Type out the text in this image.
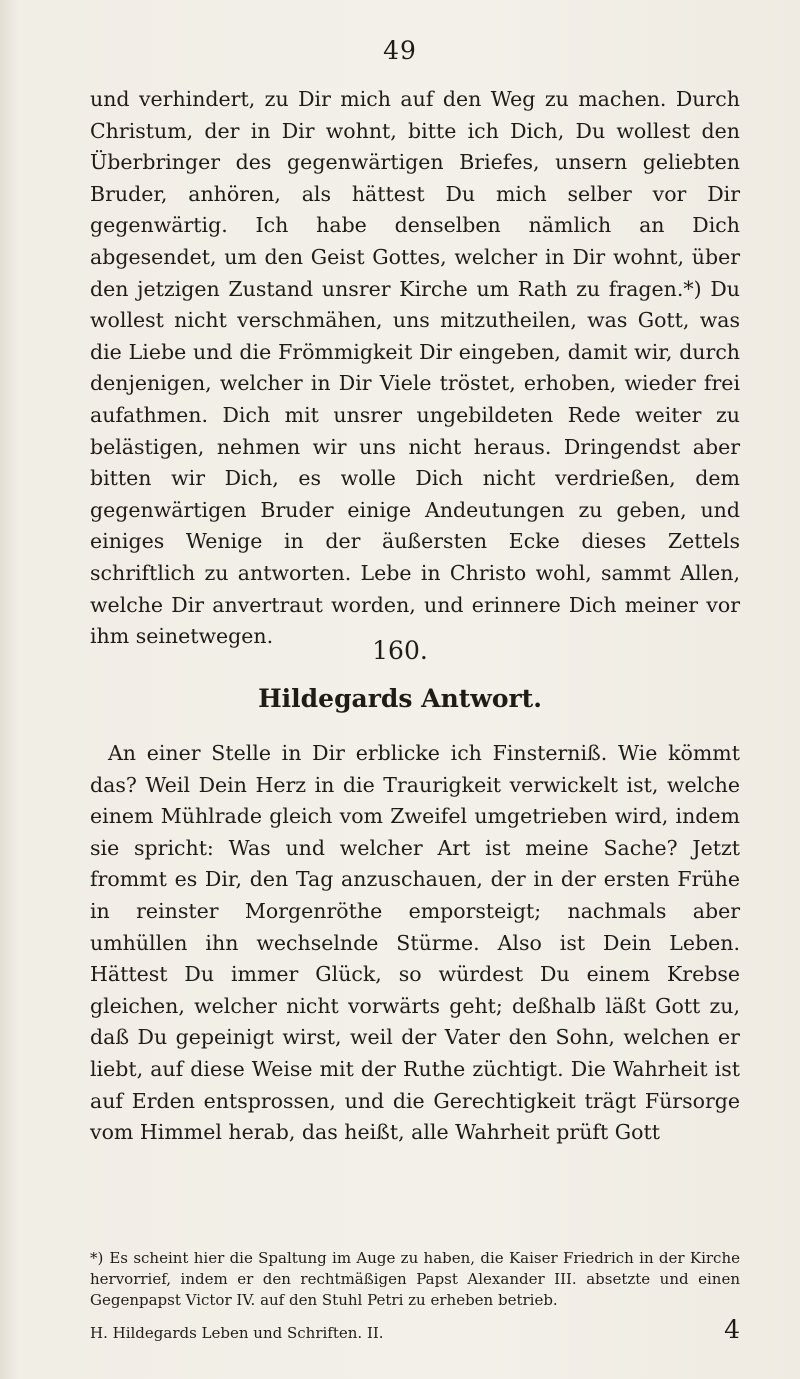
49

und verhindert, zu Dir mich auf den Weg zu machen. Durch Christum, der in Dir wohnt, bitte ich Dich, Du wollest den Überbringer des gegenwärtigen Briefes, unsern geliebten Bruder, anhören, als hättest Du mich selber vor Dir gegenwärtig. Ich habe denselben nämlich an Dich abgesendet, um den Geist Gottes, welcher in Dir wohnt, über den jetzigen Zustand unsrer Kirche um Rath zu fragen.*) Du wollest nicht verschmähen, uns mitzutheilen, was Gott, was die Liebe und die Frömmigkeit Dir eingeben, damit wir, durch denjenigen, welcher in Dir Viele tröstet, erhoben, wieder frei aufathmen. Dich mit unsrer ungebildeten Rede weiter zu belästigen, nehmen wir uns nicht heraus. Dringendst aber bitten wir Dich, es wolle Dich nicht verdrießen, dem gegenwärtigen Bruder einige Andeutungen zu geben, und einiges Wenige in der äußersten Ecke dieses Zettels schriftlich zu antworten. Lebe in Christo wohl, sammt Allen, welche Dir anvertraut worden, und erinnere Dich meiner vor ihm seinetwegen.	160.
Hildegards Antwort.

An einer Stelle in Dir erblicke ich Finsterniß. Wie kömmt das? Weil Dein Herz in die Traurigkeit verwickelt ist, welche einem Mühlrade gleich vom Zweifel umgetrieben wird, indem sie spricht: Was und welcher Art ist meine Sache? Jetzt frommt es Dir, den Tag anzuschauen, der in der ersten Frühe in reinster Morgenröthe emporsteigt; nachmals aber umhüllen ihn wechselnde Stürme. Also ist Dein Leben. Hättest Du immer Glück, so würdest Du einem Krebse gleichen, welcher nicht vorwärts geht; deßhalb läßt Gott zu, daß Du gepeinigt wirst, weil der Vater den Sohn, welchen er liebt, auf diese Weise mit der Ruthe züchtigt. Die Wahrheit ist auf Erden entsprossen, und die Gerechtigkeit trägt Fürsorge vom Himmel herab, das heißt, alle Wahrheit prüft Gott

*) Es scheint hier die Spaltung im Auge zu haben, die Kaiser Friedrich in der Kirche hervorrief, indem er den rechtmäßigen Papst Alexander III. absetzte und einen Gegenpapst Victor IV. auf den Stuhl Petri zu erheben betrieb.
H. Hildegards Leben und Schriften. II.	4
